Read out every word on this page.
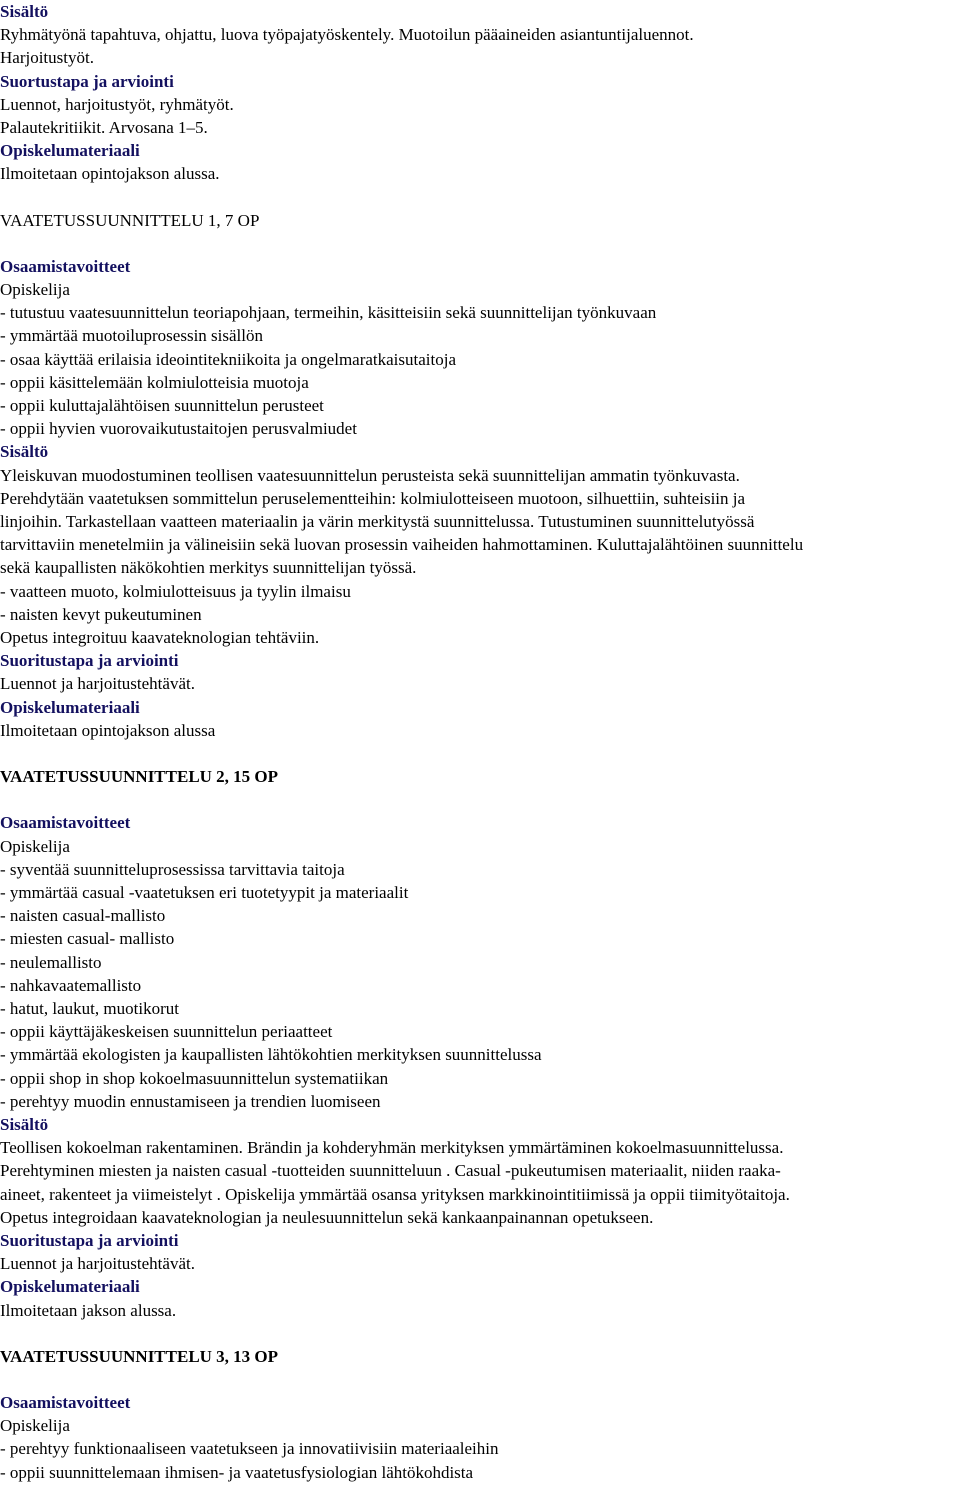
Sisältö
Ryhmätyönä tapahtuva, ohjattu, luova työpajatyöskentely. Muotoilun pääaineiden asiantuntijaluennot.
Harjoitustyöt.
Suortustapa ja arviointi
Luennot, harjoitustyöt, ryhmätyöt.
Palautekritiikit. Arvosana 1–5.
Opiskelumateriaali
Ilmoitetaan opintojakson alussa.
VAATETUSSUUNNITTELU 1, 7 OP
Osaamistavoitteet
Opiskelija
- tutustuu vaatesuunnittelun teoriapohjaan, termeihin, käsitteisiin sekä suunnittelijan työnkuvaan
- ymmärtää muotoiluprosessin sisällön
- osaa käyttää erilaisia ideointitekniikoita ja ongelmaratkaisutaitoja
- oppii käsittelemään kolmiulotteisia muotoja
- oppii kuluttajalähtöisen suunnittelun perusteet
- oppii hyvien vuorovaikutustaitojen perusvalmiudet
Sisältö
Yleiskuvan muodostuminen teollisen vaatesuunnittelun perusteista sekä suunnittelijan ammatin työnkuvasta.
Perehdytään vaatetuksen sommittelun peruselementteihin: kolmiulotteiseen muotoon, silhuettiin, suhteisiin ja
linjoihin. Tarkastellaan vaatteen materiaalin ja värin merkitystä suunnittelussa. Tutustuminen suunnittelutyössä
tarvittaviin menetelmiin ja välineisiin sekä luovan prosessin vaiheiden hahmottaminen. Kuluttajalähtöinen suunnittelu
sekä kaupallisten näkökohtien merkitys suunnittelijan työssä.
- vaatteen muoto, kolmiulotteisuus ja tyylin ilmaisu
- naisten kevyt pukeutuminen
Opetus integroituu kaavateknologian tehtäviin.
Suoritustapa ja arviointi
Luennot ja harjoitustehtävät.
Opiskelumateriaali
Ilmoitetaan opintojakson alussa
VAATETUSSUUNNITTELU 2, 15 OP
Osaamistavoitteet
Opiskelija
- syventää suunnitteluprosessissa tarvittavia taitoja
- ymmärtää casual -vaatetuksen eri tuotetyypit ja materiaalit
- naisten casual-mallisto
- miesten casual- mallisto
- neulemallisto
- nahkavaatemallisto
- hatut, laukut, muotikorut
- oppii käyttäjäkeskeisen suunnittelun periaatteet
- ymmärtää ekologisten ja kaupallisten lähtökohtien merkityksen suunnittelussa
- oppii shop in shop kokoelmasuunnittelun systematiikan
- perehtyy muodin ennustamiseen ja trendien luomiseen
Sisältö
Teollisen kokoelman rakentaminen. Brändin ja kohderyhmän merkityksen ymmärtäminen kokoelmasuunnittelussa.
Perehtyminen miesten ja naisten casual -tuotteiden suunnitteluun . Casual -pukeutumisen materiaalit, niiden raaka-
aineet, rakenteet ja viimeistelyt . Opiskelija ymmärtää osansa yrityksen markkinointitiimissä ja oppii tiimityötaitoja.
Opetus integroidaan kaavateknologian ja neulesuunnittelun sekä kankaanpainannan opetukseen.
Suoritustapa ja arviointi
Luennot ja harjoitustehtävät.
Opiskelumateriaali
Ilmoitetaan jakson alussa.
VAATETUSSUUNNITTELU 3, 13 OP
Osaamistavoitteet
Opiskelija
- perehtyy funktionaaliseen vaatetukseen ja innovatiivisiin materiaaleihin
- oppii suunnittelemaan ihmisen- ja vaatetusfysiologian lähtökohdista
